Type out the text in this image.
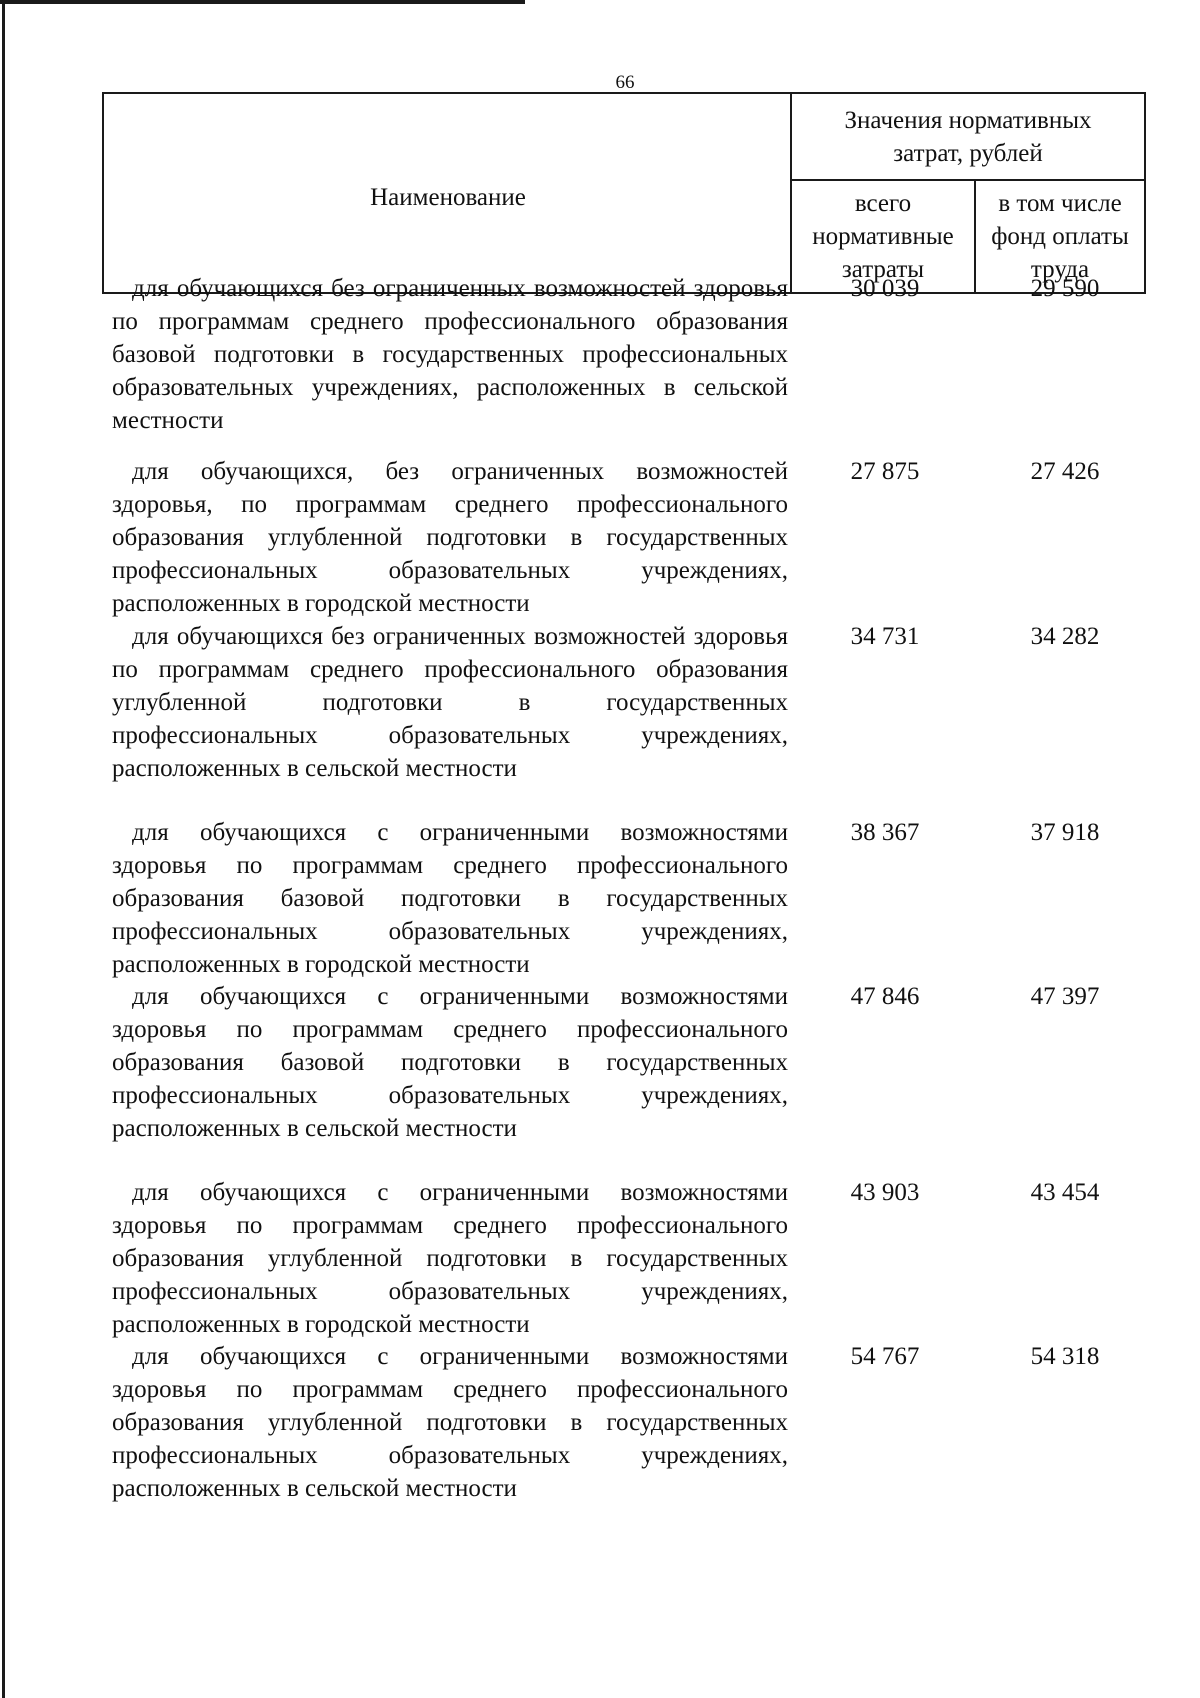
66
Наименование
Значения нормативных затрат, рублей
всего нормативные затраты
в том числе фонд оплаты труда
для обучающихся без ограниченных возможностей здоровья по программам среднего профессионального образования базовой подготовки в государственных профессиональных образовательных учреждениях, расположенных в сельской местности
30 039	29 590
для обучающихся, без ограниченных возможностей здоровья, по программам среднего профессионального образования углубленной подготовки в государственных профессиональных образовательных учреждениях, расположенных в городской местности
27 875	27 426
для обучающихся без ограниченных возможностей здоровья по программам среднего профессионального образования углубленной подготовки в государственных профессиональных образовательных учреждениях, расположенных в сельской местности
34 731	34 282
для обучающихся с ограниченными возможностями здоровья по программам среднего профессионального образования базовой подготовки в государственных профессиональных образовательных учреждениях, расположенных в городской местности
38 367	37 918
для обучающихся с ограниченными возможностями здоровья по программам среднего профессионального образования базовой подготовки в государственных профессиональных образовательных учреждениях, расположенных в сельской местности
47 846	47 397
для обучающихся с ограниченными возможностями здоровья по программам среднего профессионального образования углубленной подготовки в государственных профессиональных образовательных учреждениях, расположенных в городской местности
43 903	43 454
для обучающихся с ограниченными возможностями здоровья по программам среднего профессионального образования углубленной подготовки в государственных профессиональных образовательных учреждениях, расположенных в сельской местности
54 767	54 318
